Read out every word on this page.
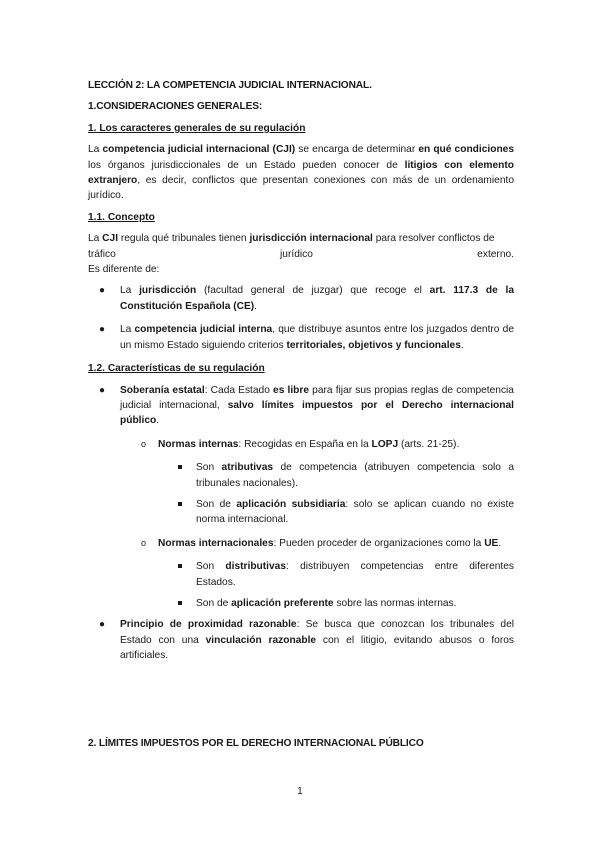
LECCIÓN 2: LA COMPETENCIA JUDICIAL INTERNACIONAL.

1.CONSIDERACIONES GENERALES:

1. Los caracteres generales de su regulación

La competencia judicial internacional (CJI) se encarga de determinar en qué condiciones los órganos jurisdiccionales de un Estado pueden conocer de litigios con elemento extranjero, es decir, conflictos que presentan conexiones con más de un ordenamiento jurídico.

1.1. Concepto

La CJI regula qué tribunales tienen jurisdicción internacional para resolver conflictos de

tráfico jurídico externo.

Es diferente de:

● La jurisdicción (facultad general de juzgar) que recoge el art. 117.3 de la Constitución Española (CE).
● La competencia judicial interna, que distribuye asuntos entre los juzgados dentro de un mismo Estado siguiendo criterios territoriales, objetivos y funcionales.

1.2. Características de su regulación

● Soberanía estatal: Cada Estado es libre para fijar sus propias reglas de competencia judicial internacional, salvo límites impuestos por el Derecho internacional público.
o Normas internas: Recogidas en España en la LOPJ (arts. 21-25).
Son atributivas de competencia (atribuyen competencia solo a tribunales nacionales).
Son de aplicación subsidiaria: solo se aplican cuando no existe norma internacional.
o Normas internacionales: Pueden proceder de organizaciones como la UE.
Son distributivas: distribuyen competencias entre diferentes Estados.
Son de aplicación preferente sobre las normas internas.
● Principio de proximidad razonable: Se busca que conozcan los tribunales del Estado con una vinculación razonable con el litigio, evitando abusos o foros artificiales.

2. LÍMITES IMPUESTOS POR EL DERECHO INTERNACIONAL PÚBLICO

1
